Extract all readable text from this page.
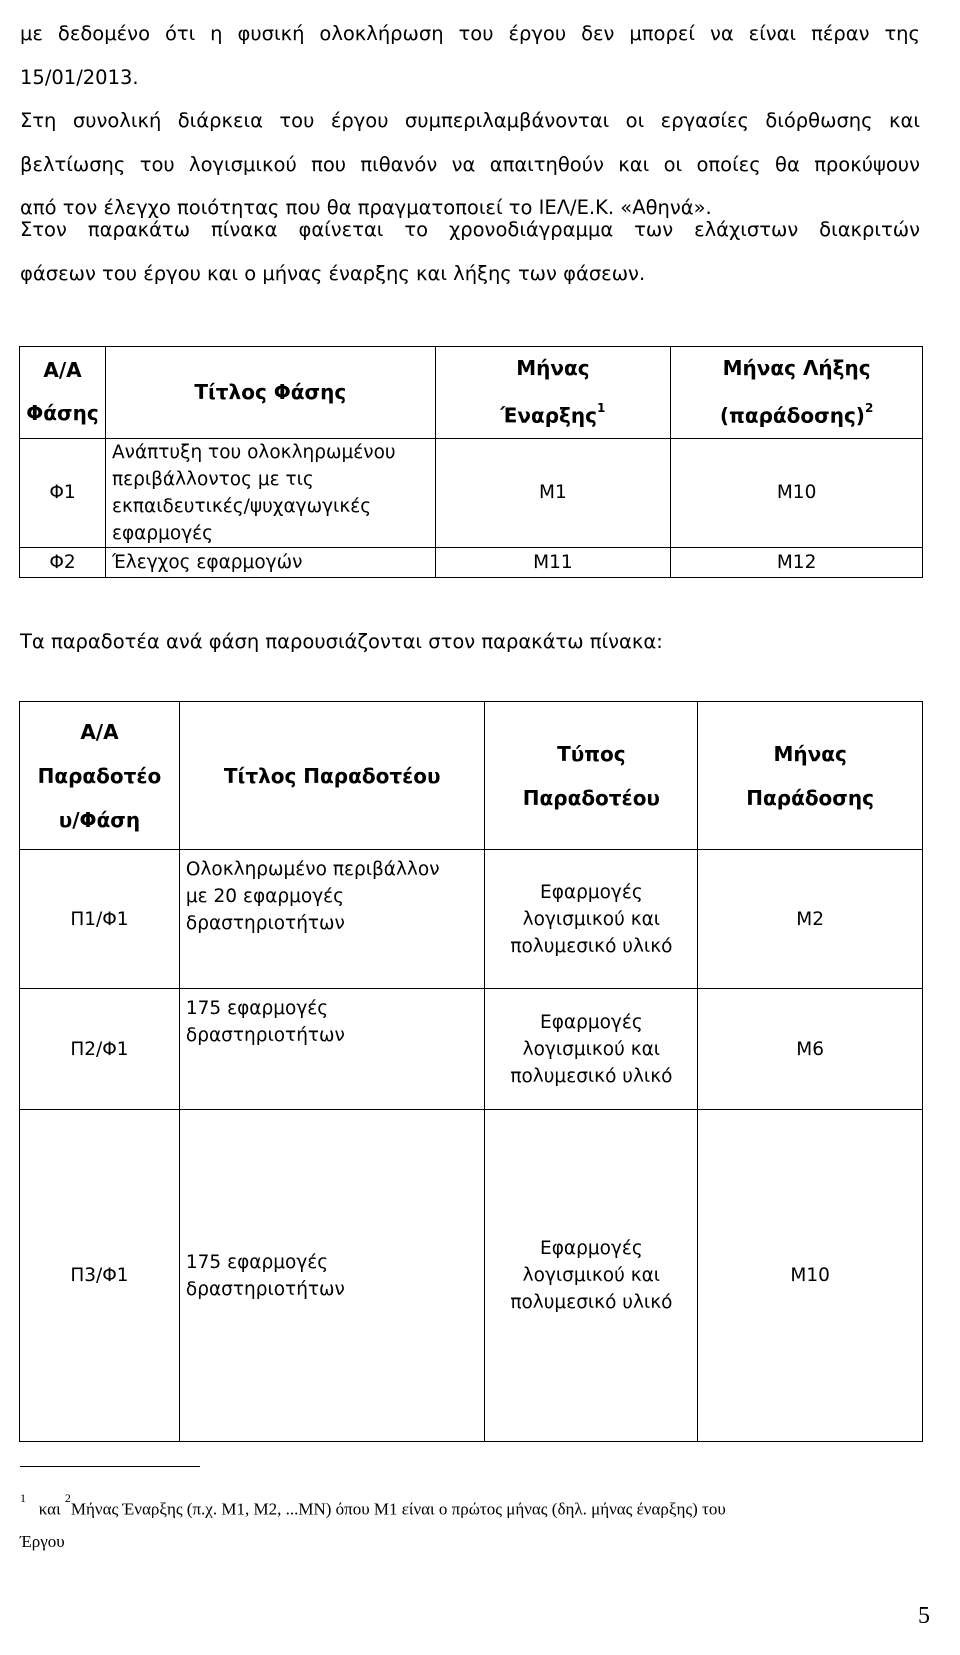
με δεδομένο ότι η φυσική ολοκλήρωση του έργου δεν μπορεί να είναι πέραν της
15/01/2013.
Στη συνολική διάρκεια του έργου συμπεριλαμβάνονται οι εργασίες διόρθωσης και
βελτίωσης του λογισμικού που πιθανόν να απαιτηθούν και οι οποίες θα προκύψουν
από τον έλεγχο ποιότητας που θα πραγματοποιεί το ΙΕΛ/Ε.Κ. «Αθηνά».
Στον παρακάτω πίνακα φαίνεται το χρονοδιάγραμμα των ελάχιστων διακριτών
φάσεων του έργου και ο μήνας έναρξης και λήξης των φάσεων.
Α/Α
Φάσης	Τίτλος Φάσης	Μήνας
Έναρξης$^1$	Μήνας Λήξης
$(\pi\alpha\rho ά\delta o\sigma\eta\varsigma)^2$

Φ1	Ανάπτυξη του ολοκληρωμένου
περιβάλλοντος με τις
εκπαιδευτικές/ψυχαγωγικές
εφαρμογές	Μ1	Μ10
Φ2	Έλεγχος εφαρμογών	Μ11	Μ12

Τα παραδοτέα ανά φάση παρουσιάζονται στον παρακάτω πίνακα:

Α/Α
Παραδοτέο
υ/Φάση	Τίτλος Παραδοτέου	Τύπος
Παραδοτέου	Μήνας
Παράδοσης

Π1/Φ1	Ολοκληρωμένο περιβάλλον
με 20 εφαρμογές
δραστηριοτήτων	Εφαρμογές
λογισμικού και
πολυμεσικό υλικό	Μ2
Π2/Φ1	175 εφαρμογές
δραστηριοτήτων	Εφαρμογές
λογισμικού και
πολυμεσικό υλικό	Μ6
Π3/Φ1	175 εφαρμογές
δραστηριοτήτων	Εφαρμογές
λογισμικού και
πολυμεσικό υλικό	Μ10

$^1$   και $^2$Μήνας Έναρξης (π.χ. Μ1, Μ2, ...ΜΝ) όπου Μ1 είναι ο πρώτος μήνας (δηλ. μήνας έναρξης) του
Έργου

5
